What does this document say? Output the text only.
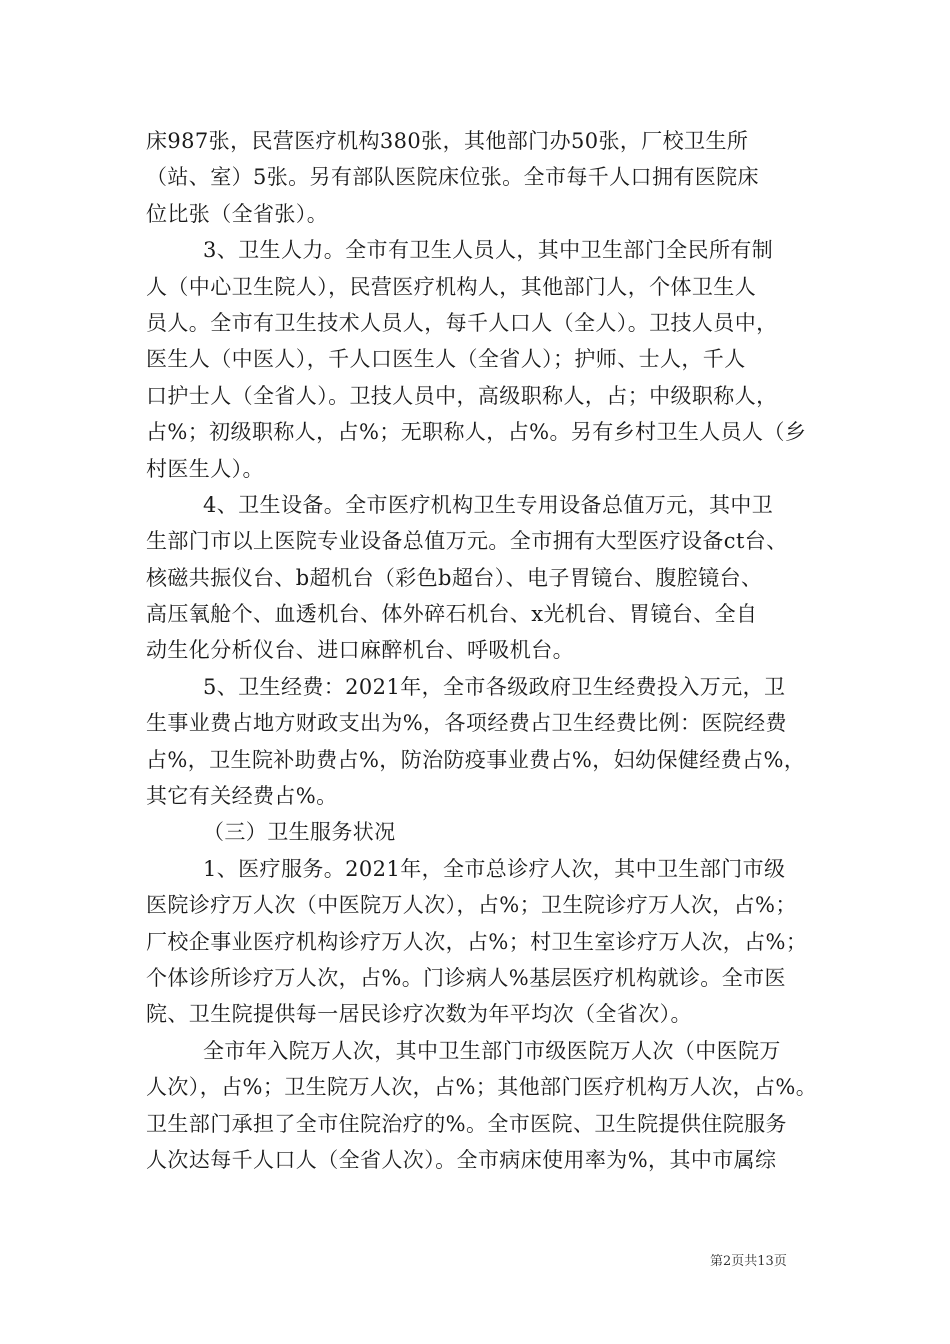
床987张，民营医疗机构380张，其他部门办50张，厂校卫生所
（站、室）5张。另有部队医院床位张。全市每千人口拥有医院床
位比张（全省张）。
3、卫生人力。全市有卫生人员人，其中卫生部门全民所有制
人（中心卫生院人），民营医疗机构人，其他部门人，个体卫生人
员人。全市有卫生技术人员人，每千人口人（全人）。卫技人员中，
医生人（中医人），千人口医生人（全省人）；护师、士人，千人
口护士人（全省人）。卫技人员中，高级职称人，占；中级职称人，
占%；初级职称人，占%；无职称人，占%。另有乡村卫生人员人（乡
村医生人）。
4、卫生设备。全市医疗机构卫生专用设备总值万元，其中卫
生部门市以上医院专业设备总值万元。全市拥有大型医疗设备ct台、
核磁共振仪台、b超机台（彩色b超台）、电子胃镜台、腹腔镜台、
高压氧舱个、血透机台、体外碎石机台、x光机台、胃镜台、全自
动生化分析仪台、进口麻醉机台、呼吸机台。
5、卫生经费：2021年，全市各级政府卫生经费投入万元，卫
生事业费占地方财政支出为%，各项经费占卫生经费比例：医院经费
占%，卫生院补助费占%，防治防疫事业费占%，妇幼保健经费占%，
其它有关经费占%。
（三）卫生服务状况
1、医疗服务。2021年，全市总诊疗人次，其中卫生部门市级
医院诊疗万人次（中医院万人次），占%；卫生院诊疗万人次，占%；
厂校企事业医疗机构诊疗万人次，占%；村卫生室诊疗万人次，占%；
个体诊所诊疗万人次，占%。门诊病人%基层医疗机构就诊。全市医
院、卫生院提供每一居民诊疗次数为年平均次（全省次）。
全市年入院万人次，其中卫生部门市级医院万人次（中医院万
人次），占%；卫生院万人次，占%；其他部门医疗机构万人次，占%。
卫生部门承担了全市住院治疗的%。全市医院、卫生院提供住院服务
人次达每千人口人（全省人次）。全市病床使用率为%，其中市属综
第2页共13页
